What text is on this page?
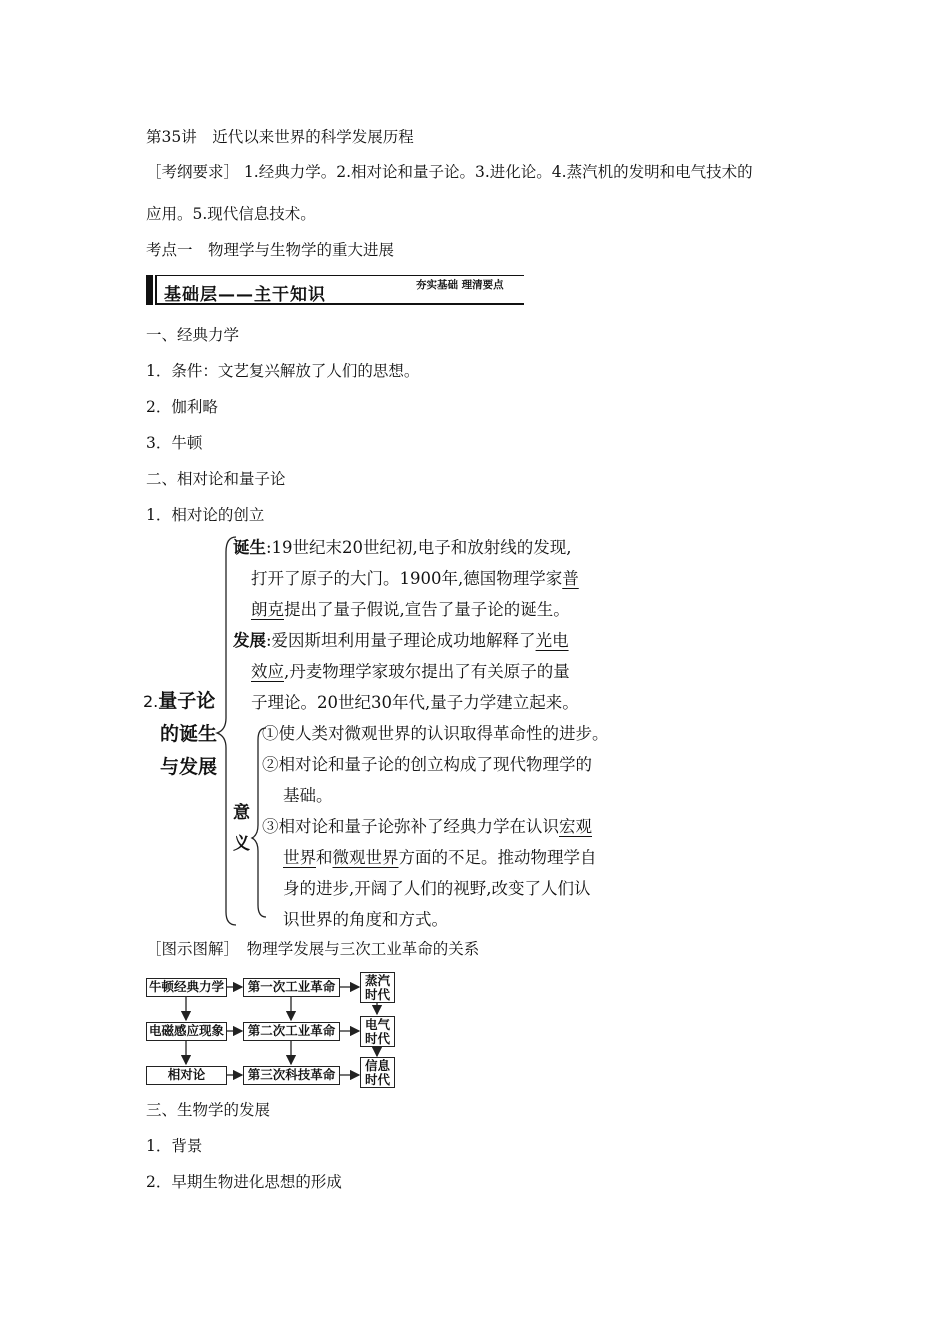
第35讲　近代以来世界的科学发展历程
［考纲要求］ 1.经典力学。2.相对论和量子论。3.进化论。4.蒸汽机的发明和电气技术的
应用。5.现代信息技术。
考点一　物理学与生物学的重大进展
基础层——主干知识	夯实基础 理清要点
一、经典力学
1．条件：文艺复兴解放了人们的思想。
2．伽利略
3．牛顿
二、相对论和量子论
1．相对论的创立
2.量子论
的诞生
与发展
诞生:19世纪末20世纪初,电子和放射线的发现,
打开了原子的大门。1900年,德国物理学家普
朗克提出了量子假说,宣告了量子论的诞生。
发展:爱因斯坦利用量子理论成功地解释了光电
效应,丹麦物理学家玻尔提出了有关原子的量
子理论。20世纪30年代,量子力学建立起来。
意
义
①使人类对微观世界的认识取得革命性的进步。
②相对论和量子论的创立构成了现代物理学的
基础。
③相对论和量子论弥补了经典力学在认识宏观
世界和微观世界方面的不足。推动物理学自
身的进步,开阔了人们的视野,改变了人们认
识世界的角度和方式。
［图示图解］　物理学发展与三次工业革命的关系
牛顿经典力学
电磁感应现象
相对论
第一次工业革命
第二次工业革命
第三次科技革命
蒸汽
时代
电气
时代
信息
时代
三、生物学的发展
1．背景
2．早期生物进化思想的形成
